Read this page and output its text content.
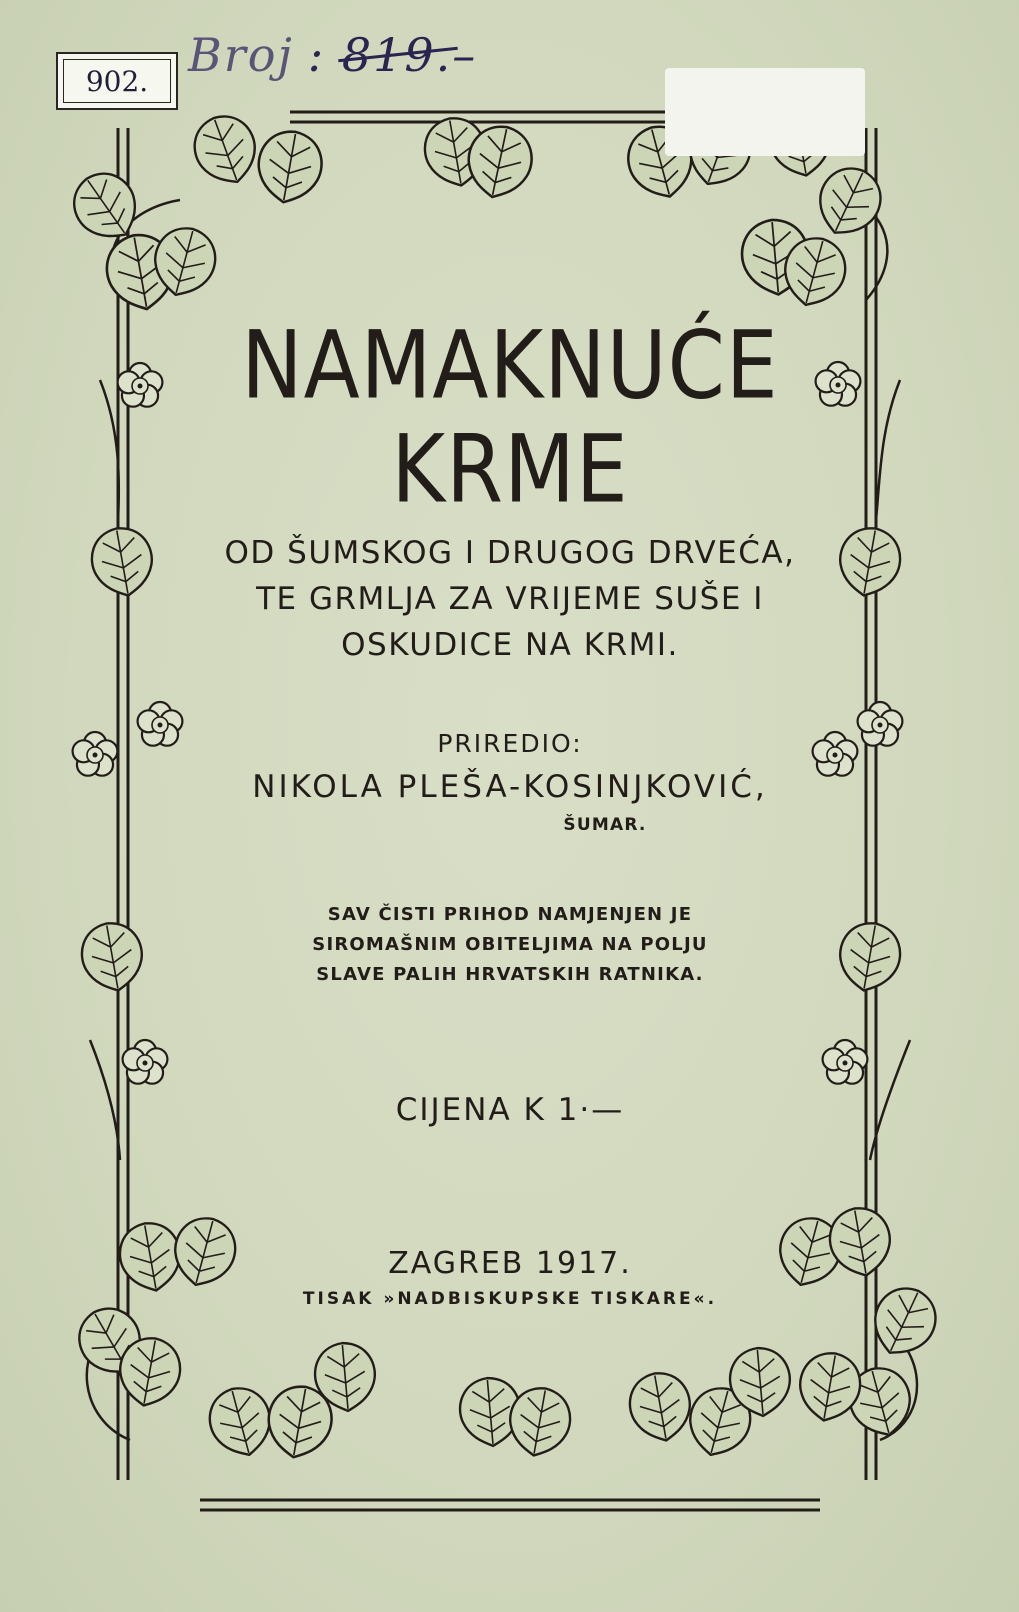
902. Broj : 819.–
NAMAKNUĆE
KRME
OD ŠUMSKOG I DRUGOG DRVEĆA,
TE GRMLJA ZA VRIJEME SUŠE I
OSKUDICE NA KRMI.
PRIREDIO:
NIKOLA PLEŠA-KOSINJKOVIĆ,
ŠUMAR.
SAV ČISTI PRIHOD NAMJENJEN JE
SIROMAŠNIM OBITELJIMA NA POLJU
SLAVE PALIH HRVATSKIH RATNIKA.
CIJENA K 1·—
ZAGREB 1917.
TISAK »NADBISKUPSKE TISKARE«.
